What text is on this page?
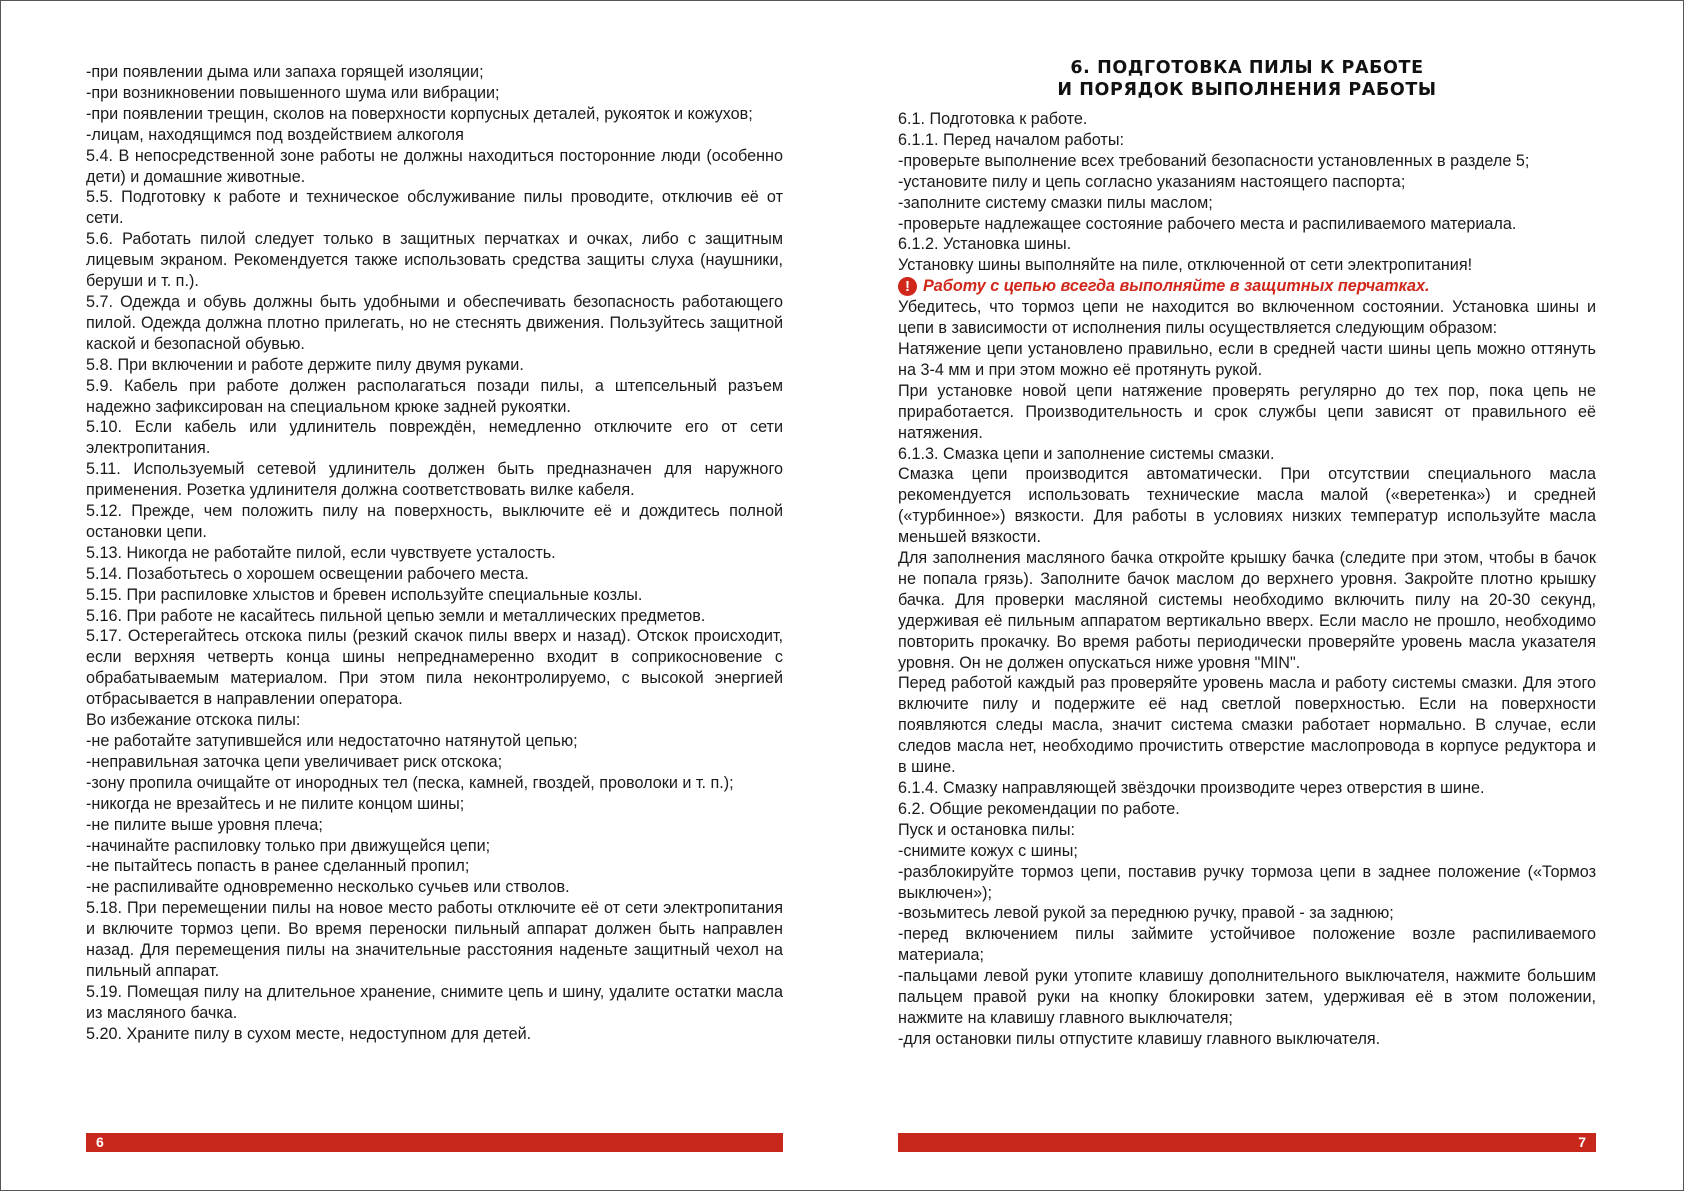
-при появлении дыма или запаха горящей изоляции;

-при возникновении повышенного шума или вибрации;

-при появлении трещин, сколов на поверхности корпусных деталей, рукояток и кожухов;

-лицам, находящимся под воздействием алкоголя

5.4. В непосредственной зоне работы не должны находиться посторонние люди (особенно дети) и домашние животные.

5.5. Подготовку к работе и техническое обслуживание пилы проводите, отключив её от сети.

5.6. Работать пилой следует только в защитных перчатках и очках, либо с защитным лицевым экраном. Рекомендуется также использовать средства защиты слуха (наушники, беруши и т. п.).

5.7. Одежда и обувь должны быть удобными и обеспечивать безопасность работающего пилой. Одежда должна плотно прилегать, но не стеснять движения. Пользуйтесь защитной каской и безопасной обувью.

5.8. При включении и работе держите пилу двумя руками.

5.9. Кабель при работе должен располагаться позади пилы, а штепсельный разъем надежно зафиксирован на специальном крюке задней рукоятки.

5.10. Если кабель или удлинитель повреждён, немедленно отключите его от сети электропитания.

5.11. Используемый сетевой удлинитель должен быть предназначен для наружного применения. Розетка удлинителя должна соответствовать вилке кабеля.

5.12. Прежде, чем положить пилу на поверхность, выключите её и дождитесь полной остановки цепи.

5.13. Никогда не работайте пилой, если чувствуете усталость.

5.14. Позаботьтесь о хорошем освещении рабочего места.

5.15. При распиловке хлыстов и бревен используйте специальные козлы.

5.16. При работе не касайтесь пильной цепью земли и металлических предметов.

5.17. Остерегайтесь отскока пилы (резкий скачок пилы вверх и назад). Отскок происходит, если верхняя четверть конца шины непреднамеренно входит в соприкосновение с обрабатываемым материалом. При этом пила неконтролируемо, с высокой энергией отбрасывается в направлении оператора.

Во избежание отскока пилы:

-не работайте затупившейся или недостаточно натянутой цепью;

-неправильная заточка цепи увеличивает риск отскока;

-зону пропила очищайте от инородных тел (песка, камней, гвоздей, проволоки и т. п.);

-никогда не врезайтесь и не пилите концом шины;

-не пилите выше уровня плеча;

-начинайте распиловку только при движущейся цепи;

-не пытайтесь попасть в ранее сделанный пропил;

-не распиливайте одновременно несколько сучьев или стволов.

5.18. При перемещении пилы на новое место работы отключите её от сети электропитания и включите тормоз цепи. Во время переноски пильный аппарат должен быть направлен назад. Для перемещения пилы на значительные расстояния наденьте защитный чехол на пильный аппарат.

5.19. Помещая пилу на длительное хранение, снимите цепь и шину, удалите остатки масла из масляного бачка.

5.20. Храните пилу в сухом месте, недоступном для детей.

6. ПОДГОТОВКА ПИЛЫ К РАБОТЕ
И ПОРЯДОК ВЫПОЛНЕНИЯ РАБОТЫ

6.1. Подготовка к работе.

6.1.1. Перед началом работы:

-проверьте выполнение всех требований безопасности установленных в разделе 5;

-установите пилу и цепь согласно указаниям настоящего паспорта;

-заполните систему смазки пилы маслом;

-проверьте надлежащее состояние рабочего места и распиливаемого материала.

6.1.2. Установка шины.

Установку шины выполняйте на пиле, отключенной от сети электропитания!

! Работу с цепью всегда выполняйте в защитных перчатках.

Убедитесь, что тормоз цепи не находится во включенном состоянии. Установка шины и цепи в зависимости от исполнения пилы осуществляется следующим образом:

Натяжение цепи установлено правильно, если в средней части шины цепь можно оттянуть на 3-4 мм и при этом можно её протянуть рукой.

При установке новой цепи натяжение проверять регулярно до тех пор, пока цепь не приработается. Производительность и срок службы цепи зависят от правильного её натяжения.

6.1.3. Смазка цепи и заполнение системы смазки.

Смазка цепи производится автоматически. При отсутствии специального масла рекомендуется использовать технические масла малой («веретенка») и средней («турбинное») вязкости. Для работы в условиях низких температур используйте масла меньшей вязкости.

Для заполнения масляного бачка откройте крышку бачка (следите при этом, чтобы в бачок не попала грязь). Заполните бачок маслом до верхнего уровня. Закройте плотно крышку бачка. Для проверки масляной системы необходимо включить пилу на 20-30 секунд, удерживая её пильным аппаратом вертикально вверх. Если масло не прошло, необходимо повторить прокачку. Во время работы периодически проверяйте уровень масла указателя уровня. Он не должен опускаться ниже уровня "MIN".

Перед работой каждый раз проверяйте уровень масла и работу системы смазки. Для этого включите пилу и подержите её над светлой поверхностью. Если на поверхности появляются следы масла, значит система смазки работает нормально. В случае, если следов масла нет, необходимо прочистить отверстие маслопровода в корпусе редуктора и в шине.

6.1.4. Смазку направляющей звёздочки производите через отверстия в шине.

6.2. Общие рекомендации по работе.

Пуск и остановка пилы:

-снимите кожух с шины;

-разблокируйте тормоз цепи, поставив ручку тормоза цепи в заднее положение («Тормоз выключен»);

-возьмитесь левой рукой за переднюю ручку, правой - за заднюю;

-перед включением пилы займите устойчивое положение возле распиливаемого материала;

-пальцами левой руки утопите клавишу дополнительного выключателя, нажмите большим пальцем правой руки на кнопку блокировки затем, удерживая её в этом положении, нажмите на клавишу главного выключателя;

-для остановки пилы отпустите клавишу главного выключателя.

6	7
